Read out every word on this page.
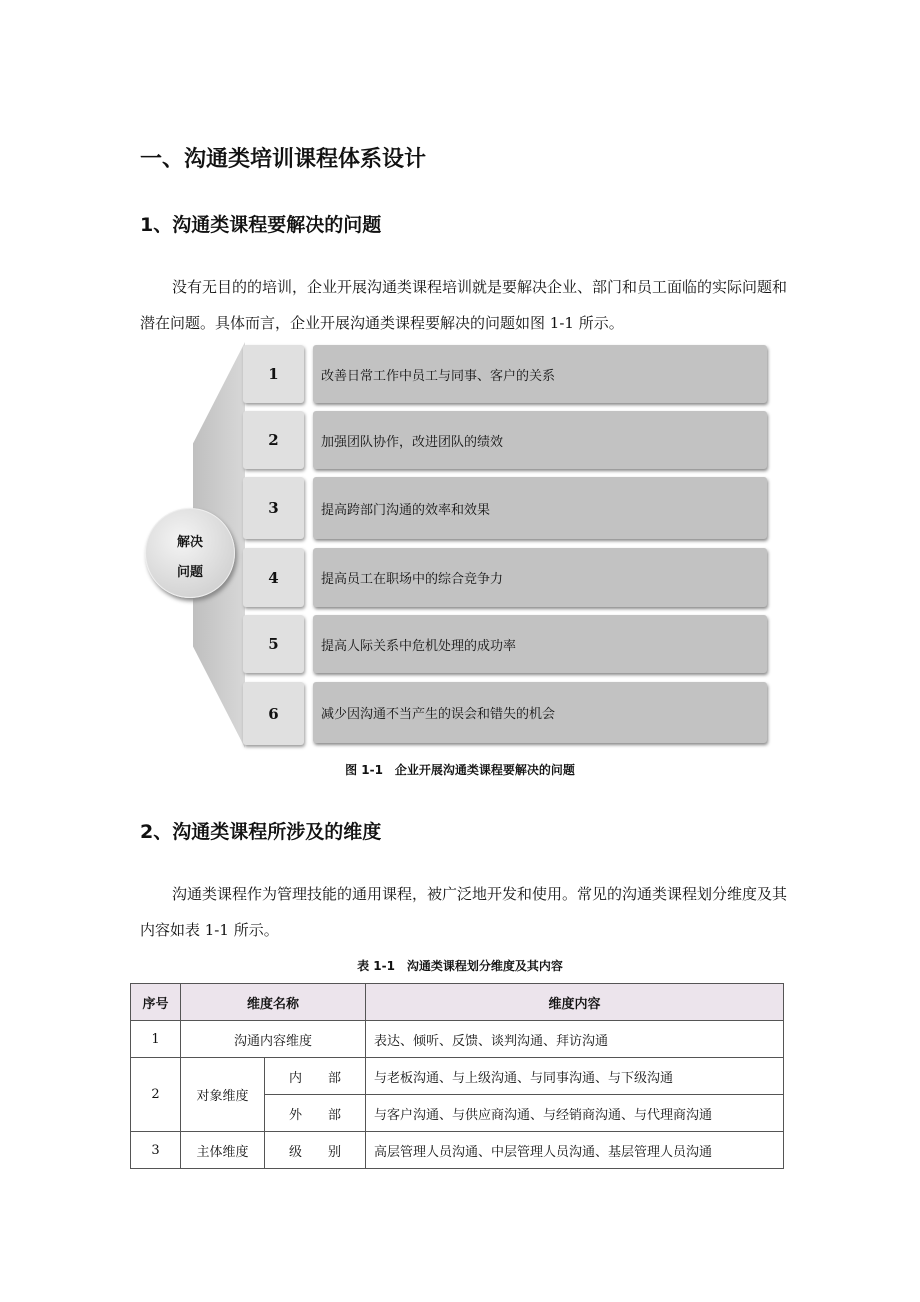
一、沟通类培训课程体系设计
1、沟通类课程要解决的问题
没有无目的的培训，企业开展沟通类课程培训就是要解决企业、部门和员工面临的实际问题和潜在问题。具体而言，企业开展沟通类课程要解决的问题如图 1-1 所示。
解决
问题
1	改善日常工作中员工与同事、客户的关系
2	加强团队协作，改进团队的绩效
3	提高跨部门沟通的效率和效果
4	提高员工在职场中的综合竞争力
5	提高人际关系中危机处理的成功率
6	减少因沟通不当产生的误会和错失的机会
图 1-1　企业开展沟通类课程要解决的问题
2、沟通类课程所涉及的维度
沟通类课程作为管理技能的通用课程，被广泛地开发和使用。常见的沟通类课程划分维度及其内容如表 1-1 所示。
表 1-1　沟通类课程划分维度及其内容
序号	维度名称		维度内容
1	沟通内容维度		表达、倾听、反馈、谈判沟通、拜访沟通
2	对象维度	内　　部	与老板沟通、与上级沟通、与同事沟通、与下级沟通
		外　　部	与客户沟通、与供应商沟通、与经销商沟通、与代理商沟通
3	主体维度	级　　别	高层管理人员沟通、中层管理人员沟通、基层管理人员沟通
